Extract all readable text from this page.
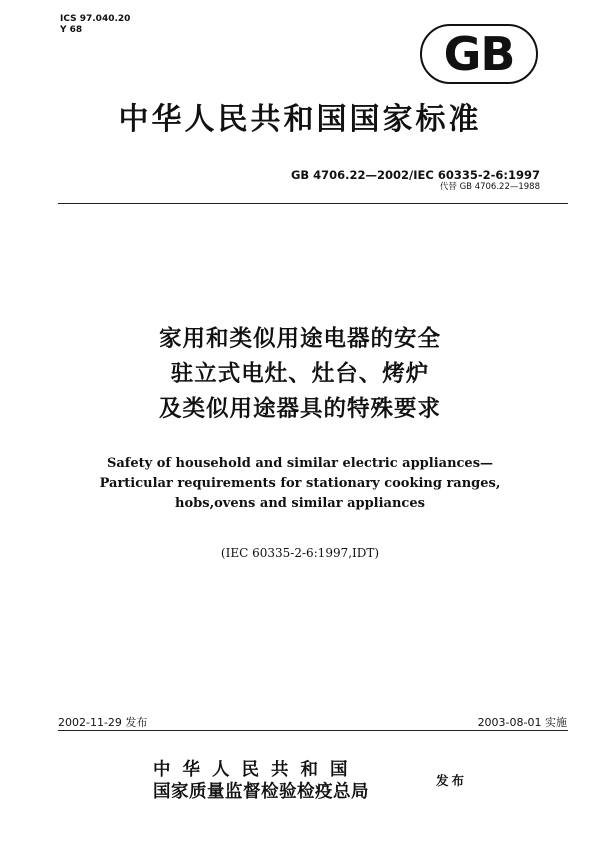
ICS 97.040.20
Y 68	GB
中华人民共和国国家标准
GB 4706.22—2002/IEC 60335-2-6:1997
代替 GB 4706.22—1988
家用和类似用途电器的安全
驻立式电灶、灶台、烤炉
及类似用途器具的特殊要求
Safety of household and similar electric appliances—
Particular requirements for stationary cooking ranges,
hobs,ovens and similar appliances
(IEC 60335-2-6:1997,IDT)
2002-11-29 发布	2003-08-01 实施
中华人民共和国
国家质量监督检验检疫总局
发布
